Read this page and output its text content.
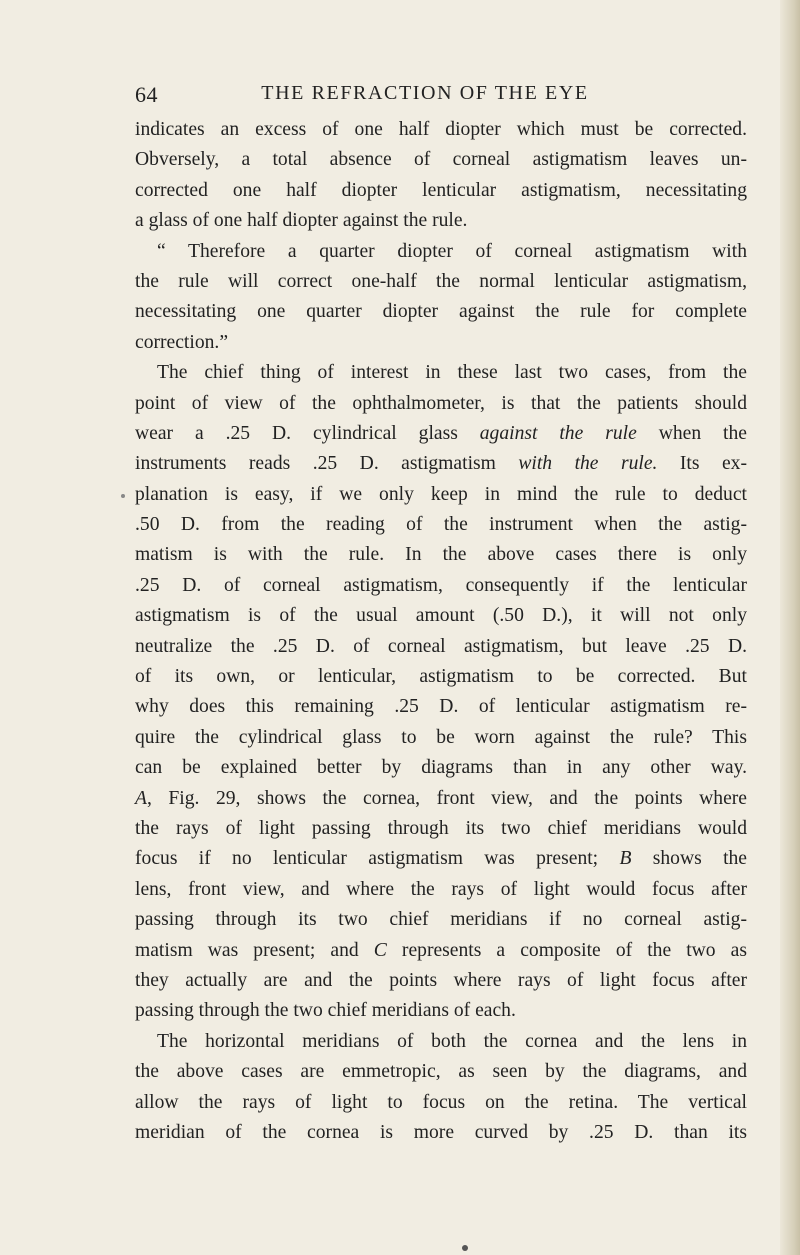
64	THE REFRACTION OF THE EYE
indicates an excess of one half diopter which must be corrected.
Obversely, a total absence of corneal astigmatism leaves un-
corrected one half diopter lenticular astigmatism, necessitating
a glass of one half diopter against the rule.
“ Therefore a quarter diopter of corneal astigmatism with
the rule will correct one-half the normal lenticular astigmatism,
necessitating one quarter diopter against the rule for complete
correction.”
The chief thing of interest in these last two cases, from the
point of view of the ophthalmometer, is that the patients should
wear a .25 D. cylindrical glass against the rule when the
instruments reads .25 D. astigmatism with the rule. Its ex-
planation is easy, if we only keep in mind the rule to deduct
.50 D. from the reading of the instrument when the astig-
matism is with the rule. In the above cases there is only
.25 D. of corneal astigmatism, consequently if the lenticular
astigmatism is of the usual amount (.50 D.), it will not only
neutralize the .25 D. of corneal astigmatism, but leave .25 D.
of its own, or lenticular, astigmatism to be corrected. But
why does this remaining .25 D. of lenticular astigmatism re-
quire the cylindrical glass to be worn against the rule? This
can be explained better by diagrams than in any other way.
A, Fig. 29, shows the cornea, front view, and the points where
the rays of light passing through its two chief meridians would
focus if no lenticular astigmatism was present; B shows the
lens, front view, and where the rays of light would focus after
passing through its two chief meridians if no corneal astig-
matism was present; and C represents a composite of the two as
they actually are and the points where rays of light focus after
passing through the two chief meridians of each.
The horizontal meridians of both the cornea and the lens in
the above cases are emmetropic, as seen by the diagrams, and
allow the rays of light to focus on the retina. The vertical
meridian of the cornea is more curved by .25 D. than its
